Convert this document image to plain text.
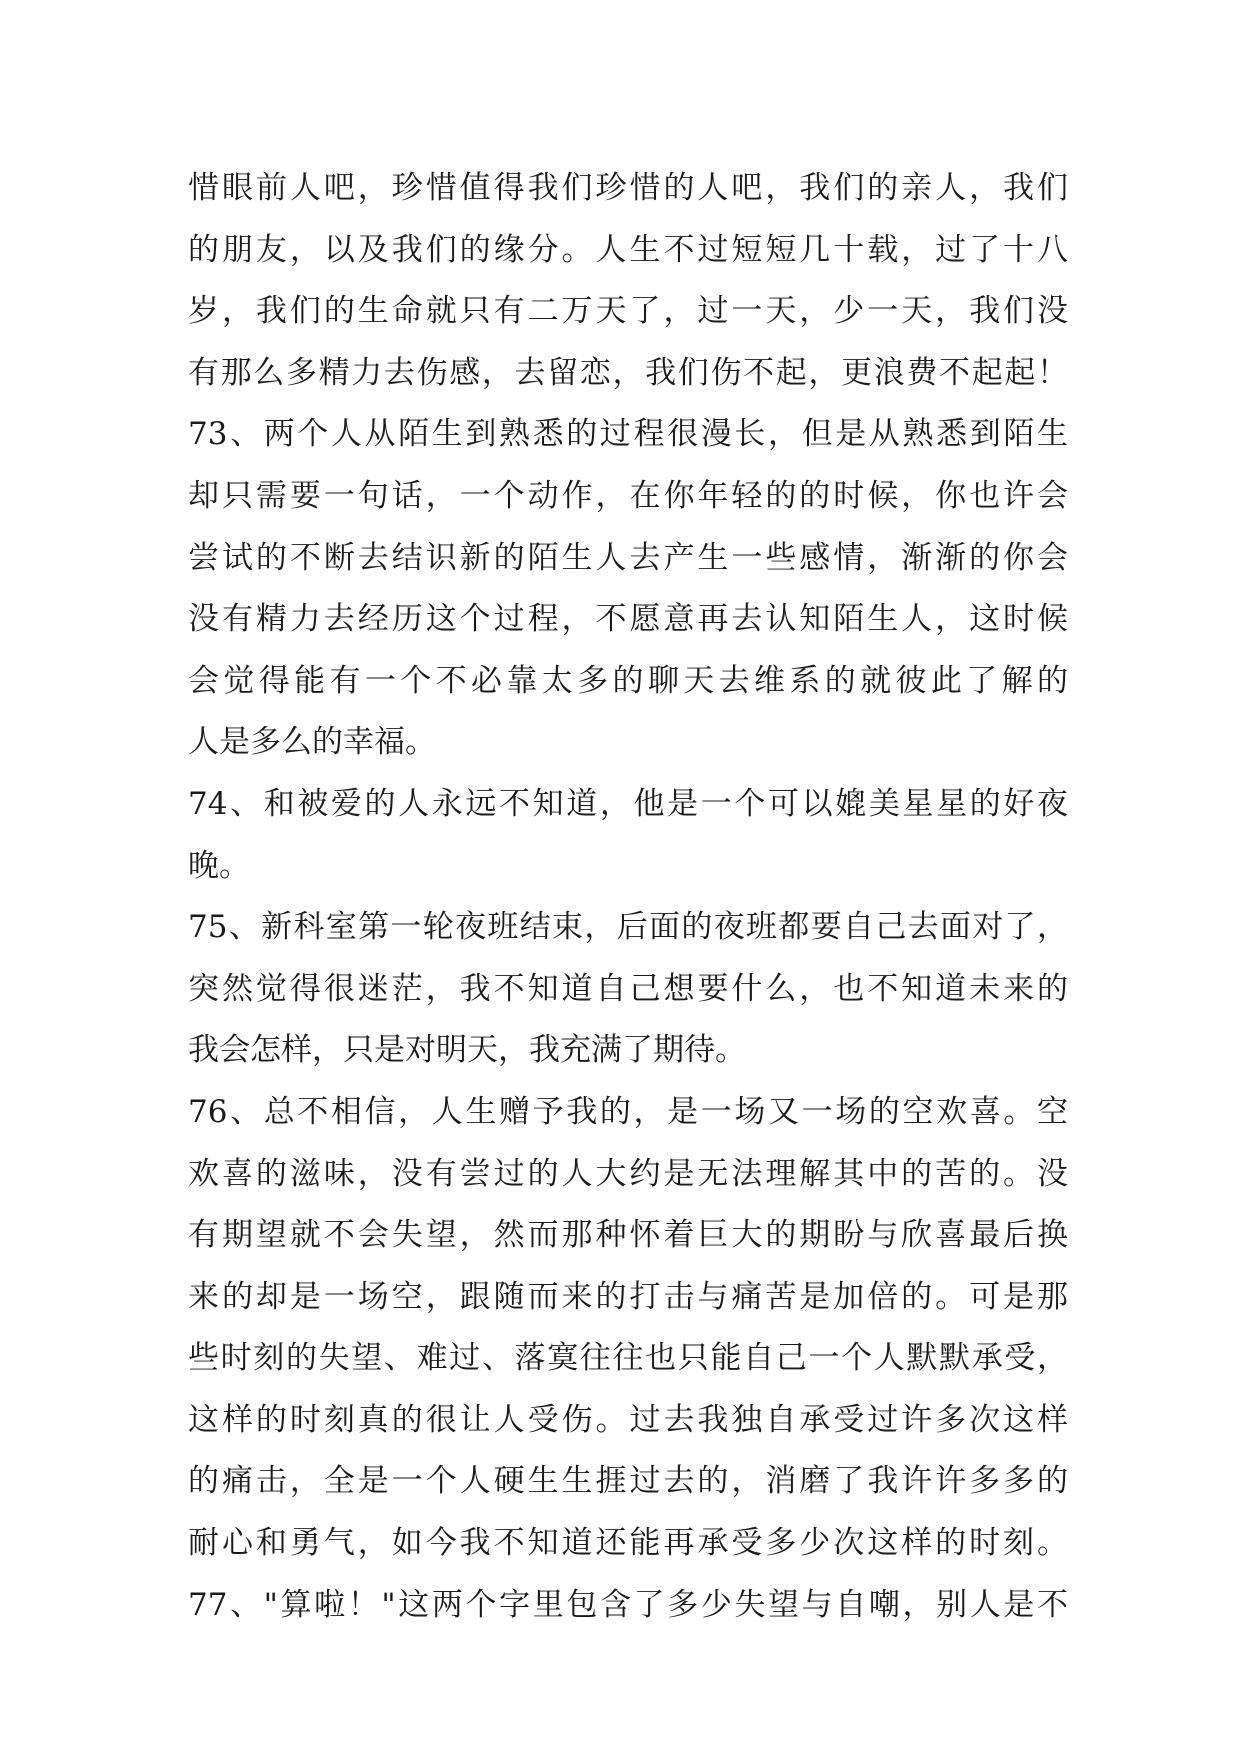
惜眼前人吧，珍惜值得我们珍惜的人吧，我们的亲人，我们
的朋友，以及我们的缘分。人生不过短短几十载，过了十八
岁，我们的生命就只有二万天了，过一天，少一天，我们没
有那么多精力去伤感，去留恋，我们伤不起，更浪费不起起！
73、两个人从陌生到熟悉的过程很漫长，但是从熟悉到陌生
却只需要一句话，一个动作，在你年轻的的时候，你也许会
尝试的不断去结识新的陌生人去产生一些感情，渐渐的你会
没有精力去经历这个过程，不愿意再去认知陌生人，这时候
会觉得能有一个不必靠太多的聊天去维系的就彼此了解的
人是多么的幸福。
74、和被爱的人永远不知道，他是一个可以媲美星星的好夜
晚。
75、新科室第一轮夜班结束，后面的夜班都要自己去面对了，
突然觉得很迷茫，我不知道自己想要什么，也不知道未来的
我会怎样，只是对明天，我充满了期待。
76、总不相信，人生赠予我的，是一场又一场的空欢喜。空
欢喜的滋味，没有尝过的人大约是无法理解其中的苦的。没
有期望就不会失望，然而那种怀着巨大的期盼与欣喜最后换
来的却是一场空，跟随而来的打击与痛苦是加倍的。可是那
些时刻的失望、难过、落寞往往也只能自己一个人默默承受，
这样的时刻真的很让人受伤。过去我独自承受过许多次这样
的痛击，全是一个人硬生生捱过去的，消磨了我许许多多的
耐心和勇气，如今我不知道还能再承受多少次这样的时刻。
77、"算啦！"这两个字里包含了多少失望与自嘲，别人是不
